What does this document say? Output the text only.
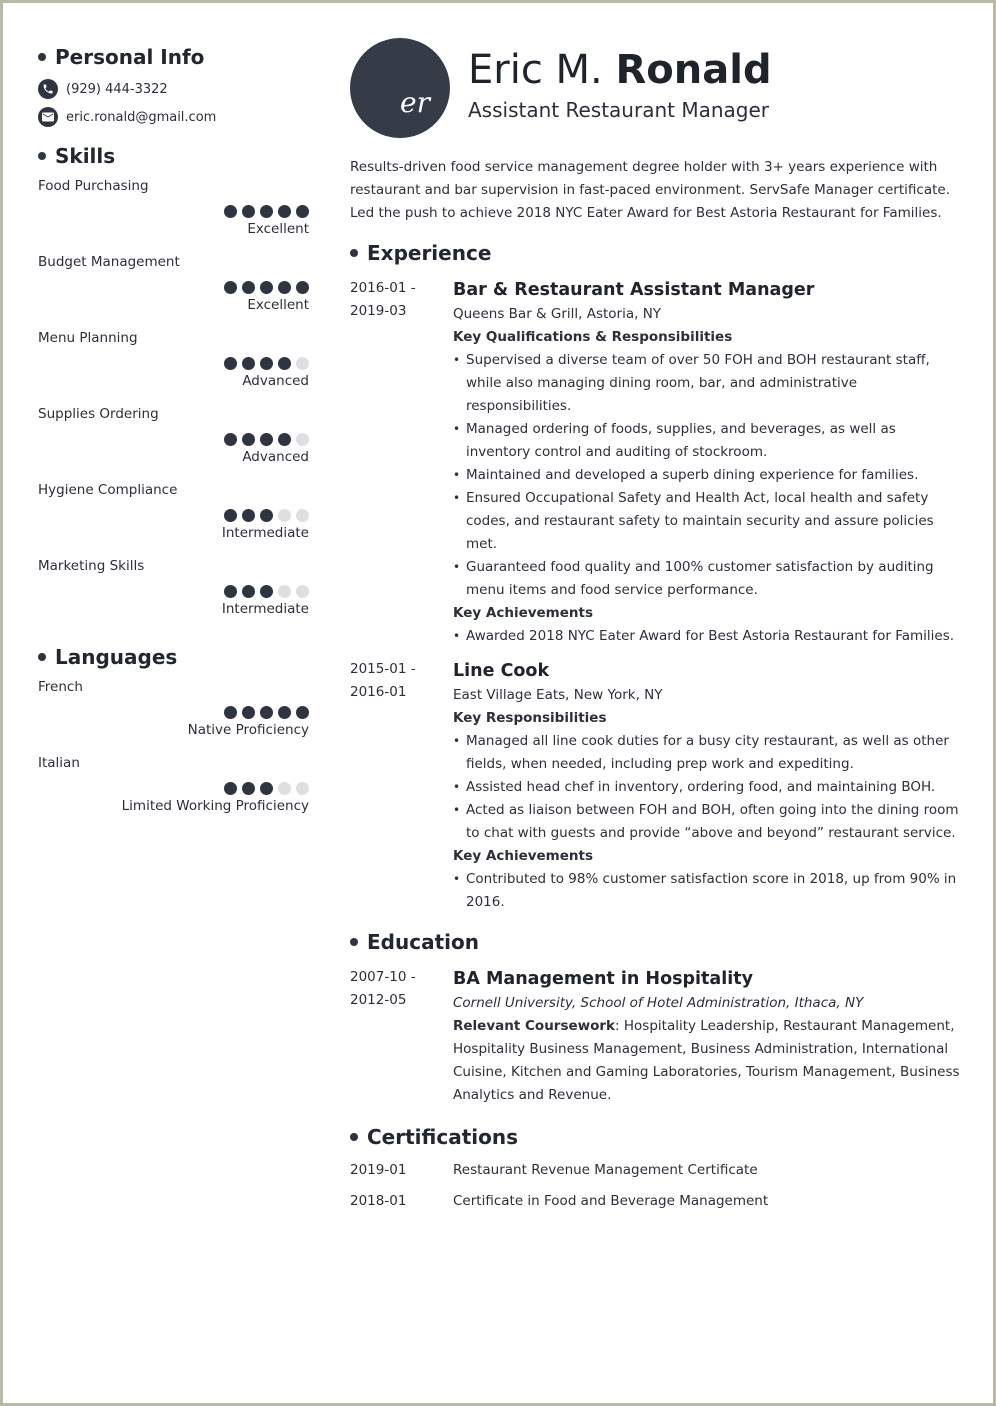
Personal Info
(929) 444-3322
eric.ronald@gmail.com
Skills
Food Purchasing
Excellent
Budget Management
Excellent
Menu Planning
Advanced
Supplies Ordering
Advanced
Hygiene Compliance
Intermediate
Marketing Skills
Intermediate
Languages
French
Native Proficiency
Italian
Limited Working Proficiency
er
Eric M. Ronald
Assistant Restaurant Manager
Results-driven food service management degree holder with 3+ years experience with restaurant and bar supervision in fast-paced environment. ServSafe Manager certificate. Led the push to achieve 2018 NYC Eater Award for Best Astoria Restaurant for Families.
Experience
2016-01 -
2019-03
Bar & Restaurant Assistant Manager
Queens Bar & Grill, Astoria, NY
Key Qualifications & Responsibilities
• Supervised a diverse team of over 50 FOH and BOH restaurant staff, while also managing dining room, bar, and administrative responsibilities.
• Managed ordering of foods, supplies, and beverages, as well as inventory control and auditing of stockroom.
• Maintained and developed a superb dining experience for families.
• Ensured Occupational Safety and Health Act, local health and safety codes, and restaurant safety to maintain security and assure policies met.
• Guaranteed food quality and 100% customer satisfaction by auditing menu items and food service performance.
Key Achievements
• Awarded 2018 NYC Eater Award for Best Astoria Restaurant for Families.
2015-01 -
2016-01
Line Cook
East Village Eats, New York, NY
Key Responsibilities
• Managed all line cook duties for a busy city restaurant, as well as other fields, when needed, including prep work and expediting.
• Assisted head chef in inventory, ordering food, and maintaining BOH.
• Acted as liaison between FOH and BOH, often going into the dining room to chat with guests and provide “above and beyond” restaurant service.
Key Achievements
• Contributed to 98% customer satisfaction score in 2018, up from 90% in 2016.
Education
2007-10 -
2012-05
BA Management in Hospitality
Cornell University, School of Hotel Administration, Ithaca, NY
Relevant Coursework: Hospitality Leadership, Restaurant Management, Hospitality Business Management, Business Administration, International Cuisine, Kitchen and Gaming Laboratories, Tourism Management, Business Analytics and Revenue.
Certifications
2019-01	Restaurant Revenue Management Certificate
2018-01	Certificate in Food and Beverage Management
